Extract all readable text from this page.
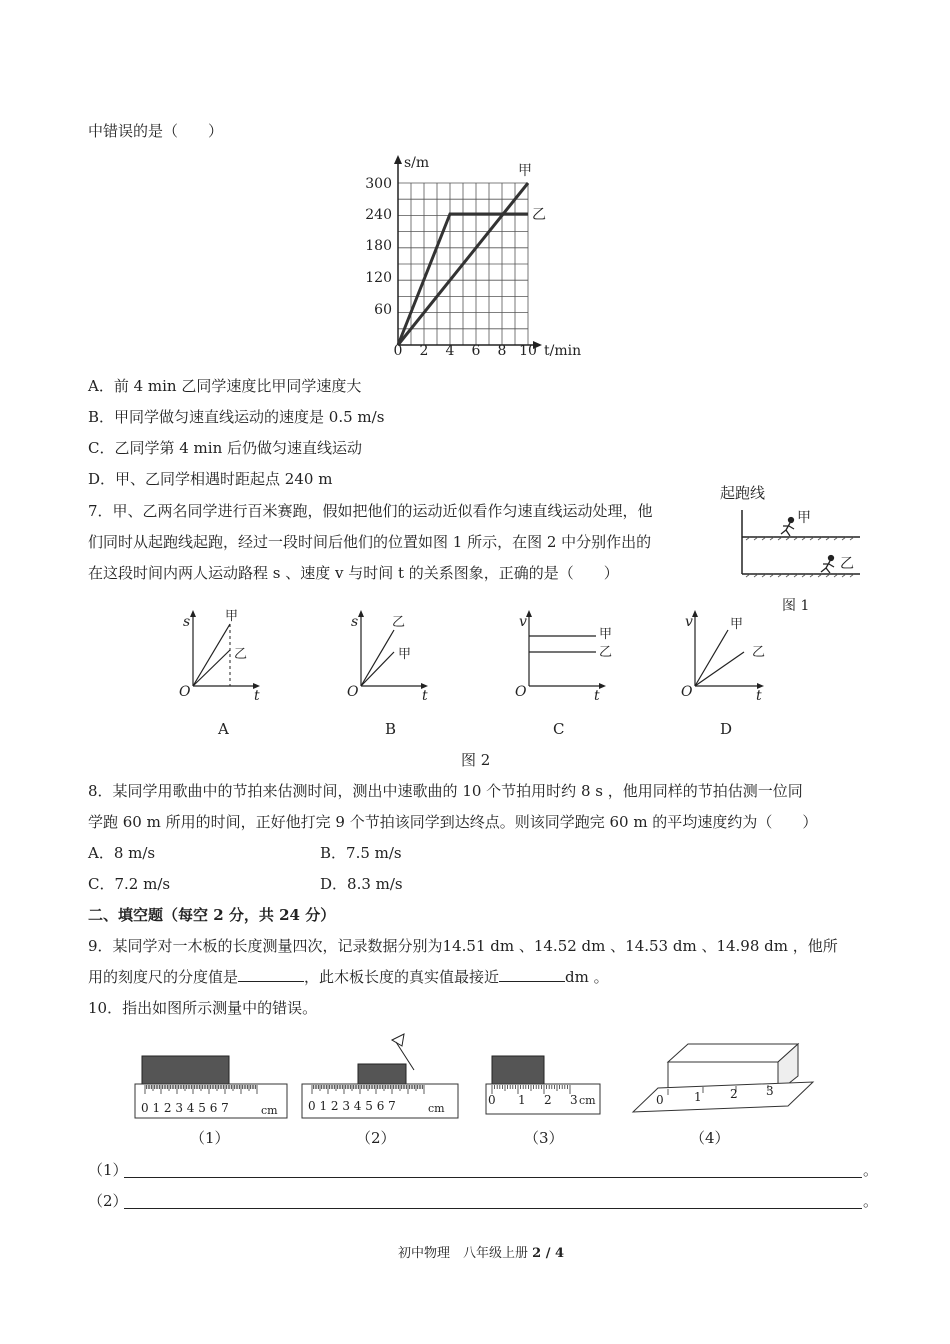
中错误的是（　　）
s/m
t/min
甲
乙
300
240
180
120
60
0 2 4 6 8 10
A．前 4 min 乙同学速度比甲同学速度大
B．甲同学做匀速直线运动的速度是 0.5 m/s
C．乙同学第 4 min 后仍做匀速直线运动
D．甲、乙同学相遇时距起点 240 m
7．甲、乙两名同学进行百米赛跑，假如把他们的运动近似看作匀速直线运动处理，他
们同时从起跑线起跑，经过一段时间后他们的位置如图 1 所示，在图 2 中分别作出的
在这段时间内两人运动路程 s 、速度 v 与时间 t 的关系图象，正确的是（　　）
起跑线
甲
乙
图 1
s
t
O
甲
乙
s
t
O
乙
甲
v
t
O
甲
乙
v
t
O
甲
乙
A	B	C	D
图 2
8．某同学用歌曲中的节拍来估测时间，测出中速歌曲的 10 个节拍用时约 8 s ，他用同样的节拍估测一位同
学跑 60 m 所用的时间，正好他打完 9 个节拍该同学到达终点。则该同学跑完 60 m 的平均速度约为（　　）
A．8 m/s	B．7.5 m/s
C．7.2 m/s	D．8.3 m/s
二、填空题（每空 2 分，共 24 分）
9．某同学对一木板的长度测量四次，记录数据分别为14.51 dm 、14.52 dm 、14.53 dm 、14.98 dm ，他所
用的刻度尺的分度值是	，此木板长度的真实值最接近	dm 。
10．指出如图所示测量中的错误。
0 1 2 3 4 5 6 7	cm	0 1 2 3 4 5 6 7	cm
0 1 2 3 cm	0	1 2 3
（1）	（2）	（3）	（4）
（1）	。
（2）	。
初中物理　八年级上册 2 / 4
